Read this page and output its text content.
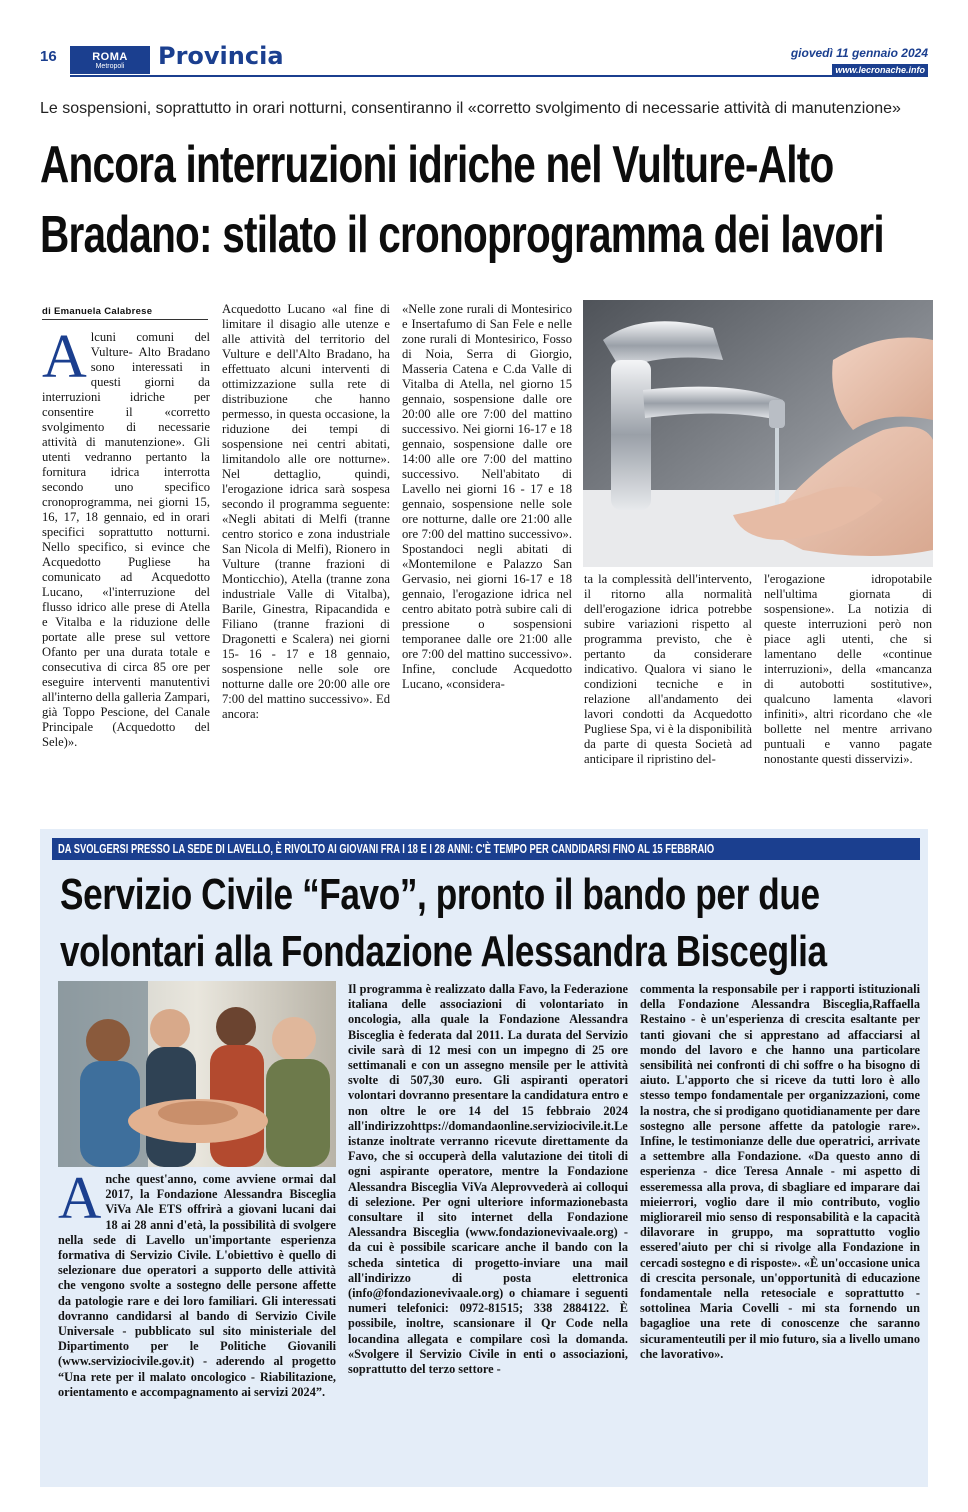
16	ROMA
Metropoli Provincia	giovedì 11 gennaio 2024
www.lecronache.info
Le sospensioni, soprattutto in orari notturni, consentiranno il «corretto svolgimento di necessarie attività di manutenzione»
Ancora interruzioni idriche nel Vulture-Alto
Bradano: stilato il cronoprogramma dei lavori
di Emanuela Calabrese
A lcuni comuni del Vulture- Alto Bradano sono interessati in questi giorni da interruzioni idriche per consentire il «corretto svolgimento di necessarie attività di manutenzione». Gli utenti vedranno pertanto la fornitura idrica interrotta secondo uno specifico cronoprogramma, nei giorni 15, 16, 17, 18 gennaio, ed in orari specifici soprattutto notturni. Nello specifico, si evince che Acquedotto Pugliese ha comunicato ad Acquedotto Lucano, «l'interruzione del flusso idrico alle prese di Atella e Vitalba e la riduzione delle portate alle prese sul vettore Ofanto per una durata totale e consecutiva di circa 85 ore per eseguire interventi manutentivi all'interno della galleria Zampari, già Toppo Pescione, del Canale Principale (Acquedotto del Sele)».
Acquedotto Lucano «al fine di limitare il disagio alle utenze e alle attività del territorio del Vulture e dell'Alto Bradano, ha effettuato alcuni interventi di ottimizzazione sulla rete di distribuzione che hanno permesso, in questa occasione, la riduzione dei tempi di sospensione nei centri abitati, limitandolo alle ore notturne». Nel dettaglio, quindi, l'erogazione idrica sarà sospesa secondo il programma seguente: «Negli abitati di Melfi (tranne centro storico e zona industriale San Nicola di Melfi), Rionero in Vulture (tranne frazioni di Monticchio), Atella (tranne zona industriale Valle di Vitalba), Barile, Ginestra, Ripacandida e Filiano (tranne frazioni di Dragonetti e Scalera) nei giorni 15- 16 - 17 e 18 gennaio, sospensione nelle sole ore notturne dalle ore 20:00 alle ore 7:00 del mattino successivo». Ed ancora:
«Nelle zone rurali di Montesirico e Insertafumo di San Fele e nelle zone rurali di Montesirico, Fosso di Noia, Serra di Giorgio, Masseria Catena e C.da Valle di Vitalba di Atella, nel giorno 15 gennaio, sospensione dalle ore 20:00 alle ore 7:00 del mattino successivo. Nei giorni 16-17 e 18 gennaio, sospensione dalle ore 14:00 alle ore 7:00 del mattino successivo. Nell'abitato di Lavello nei giorni 16 - 17 e 18 gennaio, sospensione nelle sole ore notturne, dalle ore 21:00 alle ore 7:00 del mattino successivo». Spostandoci negli abitati di «Montemilone e Palazzo San Gervasio, nei giorni 16-17 e 18 gennaio, l'erogazione idrica nel centro abitato potrà subire cali di pressione o sospensioni temporanee dalle ore 21:00 alle ore 7:00 del mattino successivo». Infine, conclude Acquedotto Lucano, «considera-
ta la complessità dell'intervento, il ritorno alla normalità dell'erogazione idrica potrebbe subire variazioni rispetto al programma previsto, che è pertanto da considerare indicativo. Qualora vi siano le condizioni tecniche e in relazione all'andamento dei lavori condotti da Acquedotto Pugliese Spa, vi è la disponibilità da parte di questa Società ad anticipare il ripristino del-
l'erogazione idropotabile nell'ultima giornata di sospensione». La notizia di queste interruzioni però non piace agli utenti, che si lamentano delle «continue interruzioni», della «mancanza di autobotti sostitutive», qualcuno lamenta «lavori infiniti», altri ricordano che «le bollette nel mentre arrivano puntuali e vanno pagate nonostante questi disservizi».
DA SVOLGERSI PRESSO LA SEDE DI LAVELLO, È RIVOLTO AI GIOVANI FRA I 18 E I 28 ANNI: C'È TEMPO PER CANDIDARSI FINO AL 15 FEBBRAIO
Servizio Civile “Favo”, pronto il bando per due
volontari alla Fondazione Alessandra Bisceglia
A nche quest'anno, come avviene ormai dal 2017, la Fondazione Alessandra Bisceglia ViVa Ale ETS offrirà a giovani lucani dai 18 ai 28 anni d'età, la possibilità di svolgere nella sede di Lavello un'importante esperienza formativa di Servizio Civile. L'obiettivo è quello di selezionare due operatori a supporto delle attività che vengono svolte a sostegno delle persone affette da patologie rare e dei loro familiari. Gli interessati dovranno candidarsi al bando di Servizio Civile Universale - pubblicato sul sito ministeriale del Dipartimento per le Politiche Giovanili (www.serviziocivile.gov.it) - aderendo al progetto “Una rete per il malato oncologico - Riabilitazione, orientamento e accompagnamento ai servizi 2024”.
Il programma è realizzato dalla Favo, la Federazione italiana delle associazioni di volontariato in oncologia, alla quale la Fondazione Alessandra Bisceglia è federata dal 2011. La durata del Servizio civile sarà di 12 mesi con un impegno di 25 ore settimanali e con un assegno mensile per le attività svolte di 507,30 euro. Gli aspiranti operatori volontari dovranno presentare la candidatura entro e non oltre le ore 14 del 15 febbraio 2024 all'indirizzohttps://domandaonline.serviziocivile.it.Le istanze inoltrate verranno ricevute direttamente da Favo, che si occuperà della valutazione dei titoli di ogni aspirante operatore, mentre la Fondazione Alessandra Bisceglia ViVa Aleprovvederà ai colloqui di selezione. Per ogni ulteriore informazionebasta consultare il sito internet della Fondazione Alessandra Bisceglia (www.fondazionevivaale.org) -da cui è possibile scaricare anche il bando con la scheda sintetica di progetto-inviare una mail all'indirizzo di posta elettronica (info@fondazionevivaale.org) o chiamare i seguenti numeri telefonici: 0972-81515; 338 2884122. È possibile, inoltre, scansionare il Qr Code nella locandina allegata e compilare così la domanda. «Svolgere il Servizio Civile in enti o associazioni, soprattutto del terzo settore -
commenta la responsabile per i rapporti istituzionali della Fondazione Alessandra Bisceglia,Raffaella Restaino - è un'esperienza di crescita esaltante per tanti giovani che si apprestano ad affacciarsi al mondo del lavoro e che hanno una particolare sensibilità nei confronti di chi soffre o ha bisogno di aiuto. L'apporto che si riceve da tutti loro è allo stesso tempo fondamentale per organizzazioni, come la nostra, che si prodigano quotidianamente per dare sostegno alle persone affette da patologie rare». Infine, le testimonianze delle due operatrici, arrivate a settembre alla Fondazione. «Da questo anno di esperienza - dice Teresa Annale - mi aspetto di esseremessa alla prova, di sbagliare ed imparare dai mieierrori, voglio dare il mio contributo, voglio migliorareil mio senso di responsabilità e la capacità dilavorare in gruppo, ma soprattutto voglio essered'aiuto per chi si rivolge alla Fondazione in cercadi sostegno e di risposte». «È un'occasione unica di crescita personale, un'opportunità di educazione fondamentale nella retesociale e soprattutto - sottolinea Maria Covelli - mi sta fornendo un bagaglioe una rete di conoscenze che saranno sicuramenteutili per il mio futuro, sia a livello umano che lavorativo».
